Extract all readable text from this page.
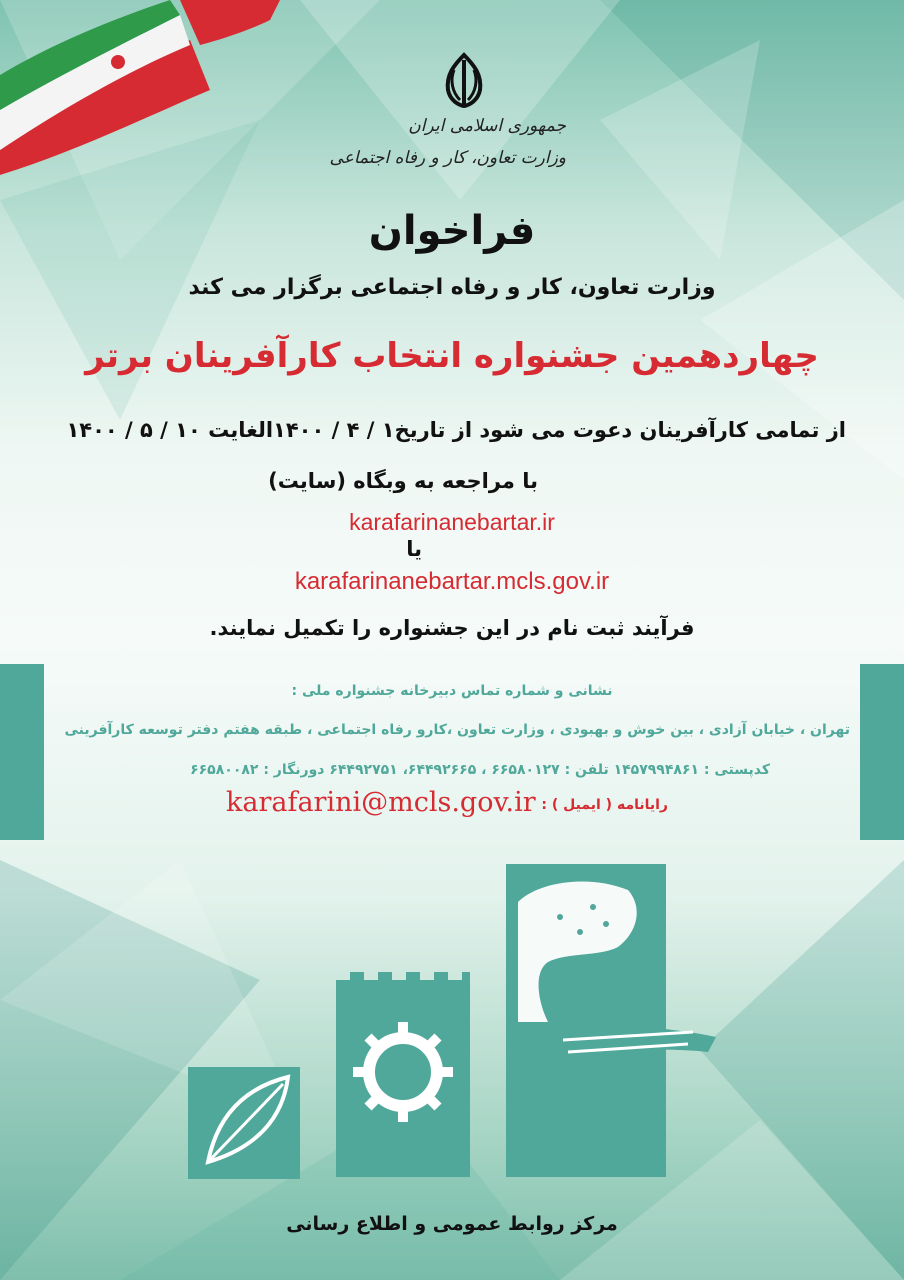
جمهوری اسلامی ایران
وزارت تعاون، کار و رفاه اجتماعی
فراخوان
وزارت تعاون، کار و رفاه اجتماعی برگزار می کند
چهاردهمین جشنواره انتخاب کارآفرینان برتر
از تمامی کارآفرینان دعوت می شود از تاریخ۱ / ۴ / ۱۴۰۰الغایت ۱۰ / ۵ / ۱۴۰۰
با مراجعه به وبگاه (سایت)
karafarinanebartar.ir
یا
karafarinanebartar.mcls.gov.ir
فرآیند ثبت نام در این جشنواره را تکمیل نمایند.
نشانی و شماره تماس دبیرخانه جشنواره ملی :
تهران ، خیابان آزادی ، بین خوش و بهبودی ، وزارت تعاون ،کارو رفاه اجتماعی ، طبقه هفتم دفتر توسعه کارآفرینی
کدپستی : ۱۴۵۷۹۹۴۸۶۱ تلفن : ۶۶۵۸۰۱۲۷ ، ۶۴۴۹۲۶۶۵، ۶۴۴۹۲۷۵۱ دورنگار : ۶۶۵۸۰۰۸۲
رایانامه ( ایمیل ) :
karafarini@mcls.gov.ir
مرکز روابط عمومی و اطلاع رسانی
